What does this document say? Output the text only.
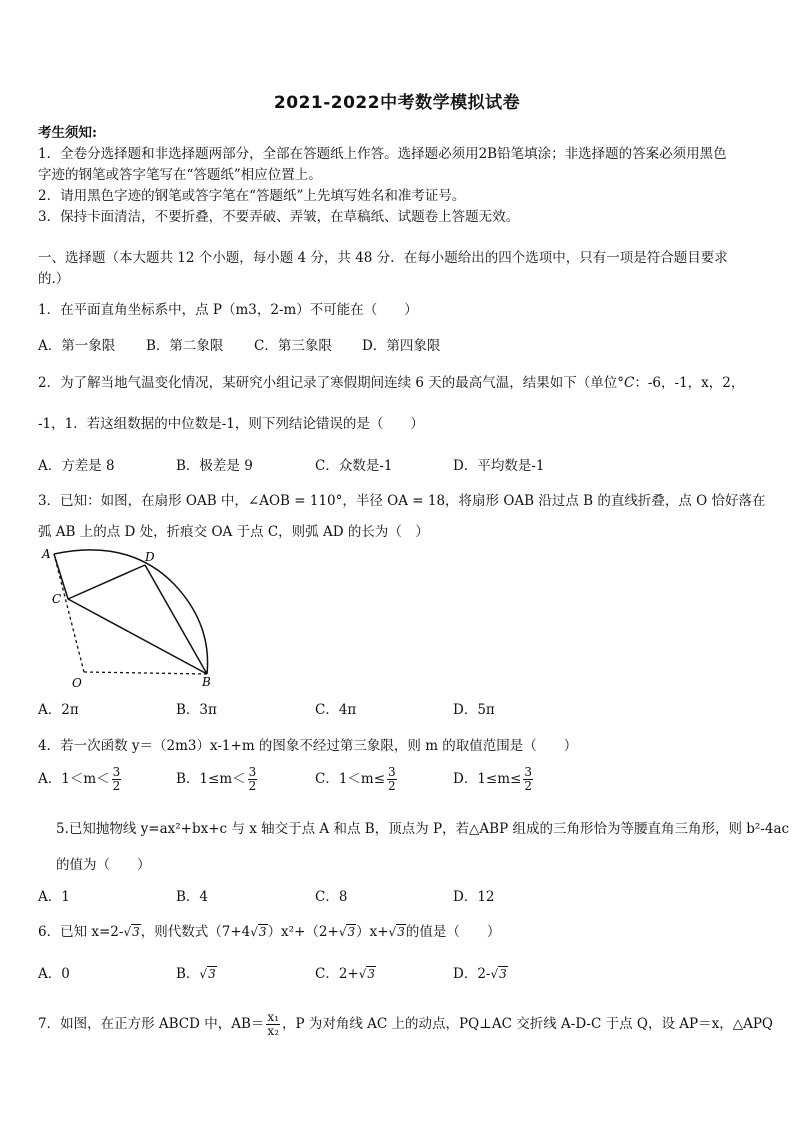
2021-2022中考数学模拟试卷
考生须知:
1．全卷分选择题和非选择题两部分，全部在答题纸上作答。选择题必须用2B铅笔填涂；非选择题的答案必须用黑色
字迹的钢笔或答字笔写在“答题纸”相应位置上。
2．请用黑色字迹的钢笔或答字笔在“答题纸”上先填写姓名和准考证号。
3．保持卡面清洁，不要折叠，不要弄破、弄皱，在草稿纸、试题卷上答题无效。
一、选择题（本大题共 12 个小题，每小题 4 分，共 48 分．在每小题给出的四个选项中，只有一项是符合题目要求
的.）
1．在平面直角坐标系中，点 P（m3，2-m）不可能在（　　）
A．第一象限 B．第二象限 C．第三象限 D．第四象限
2．为了解当地气温变化情况，某研究小组记录了寒假期间连续 6 天的最高气温，结果如下（单位°C：-6，-1，x，2，
-1，1．若这组数据的中位数是-1，则下列结论错误的是（　　）
A．方差是 8	B．极差是 9	C．众数是-1	D．平均数是-1
3．已知：如图，在扇形 OAB 中，∠AOB = 110°，半径 OA = 18，将扇形 OAB 沿过点 B 的直线折叠，点 O 恰好落在
弧 AB 上的点 D 处，折痕交 OA 于点 C，则弧 AD 的长为（　）
A	D
C
O	B
A．2π	B．3π	C．4π	D．5π
4．若一次函数 y＝（2m3）x-1+m 的图象不经过第三象限，则 m 的取值范围是（　　）
A．$1<m< \frac{3}{2}$	B．$1\le m< \frac{3}{2}$	C．$1<m\le \frac{3}{2}$	D．$1\le m\le \frac{3}{2}$
5.已知抛物线 y=ax²+bx+c 与 x 轴交于点 A 和点 B，顶点为 P，若△ABP 组成的三角形恰为等腰直角三角形，则 b²-4ac
的值为（　　）
A．1	B．4	C．8	D．12
6．已知 x=2-√3，则代数式（7+4√3）x²+（2+√3）x+√3的值是（　　）
A．0	B．√3	C．2+√3	D．2-√3
7．如图，在正方形 ABCD 中，$AB= \frac{\text{x₁}}{\text{x₂}}$ ，P 为对角线 AC 上的动点，PQ⊥AC 交折线 A-D-C 于点 Q，设 AP＝x，△APQ
